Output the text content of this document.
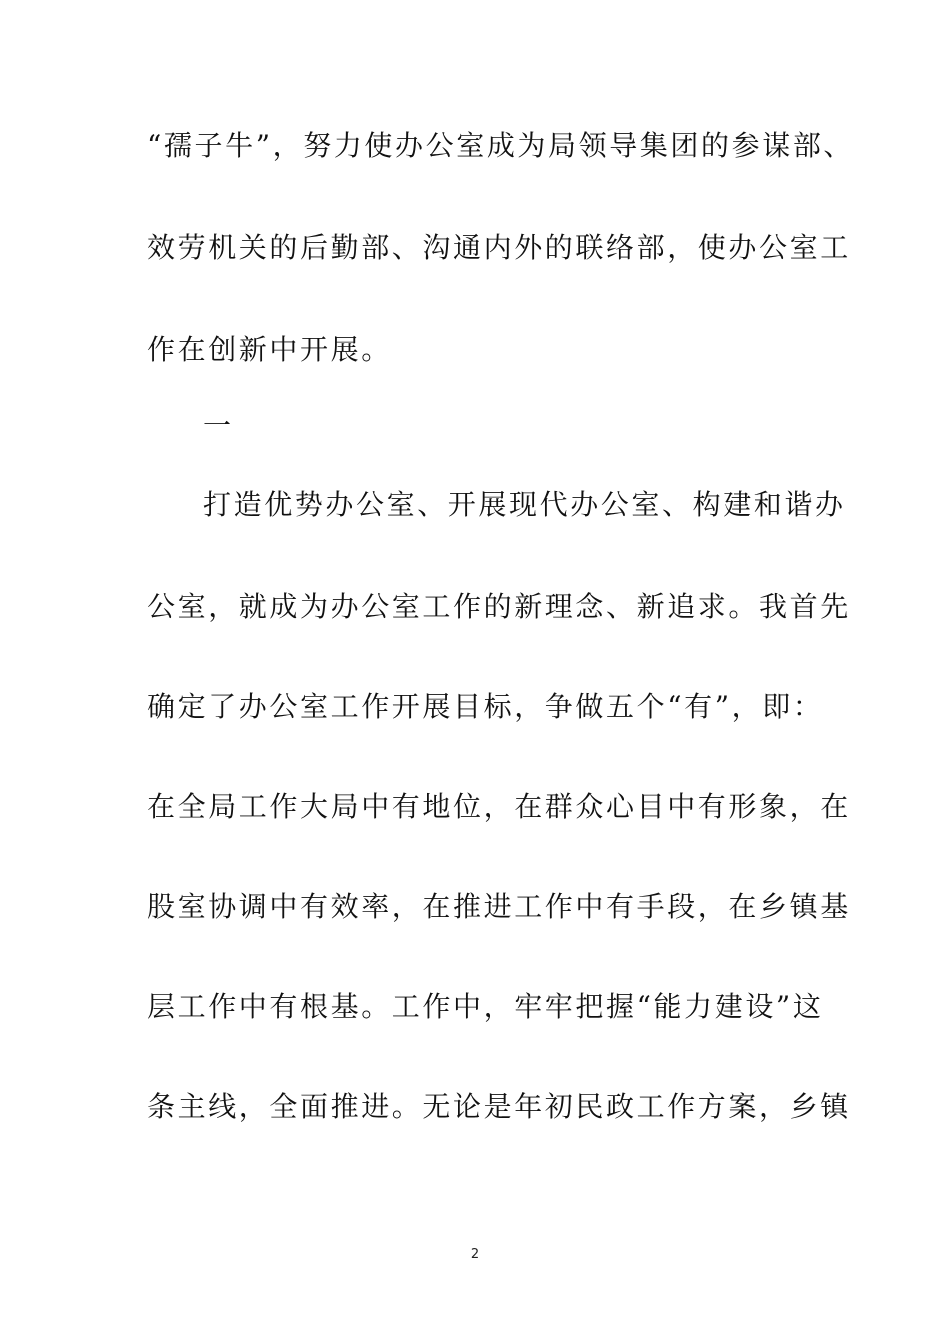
“孺子牛”，努力使办公室成为局领导集团的参谋部、
效劳机关的后勤部、沟通内外的联络部，使办公室工
作在创新中开展。
一
打造优势办公室、开展现代办公室、构建和谐办
公室，就成为办公室工作的新理念、新追求。我首先
确定了办公室工作开展目标，争做五个“有”，即：
在全局工作大局中有地位，在群众心目中有形象，在
股室协调中有效率，在推进工作中有手段，在乡镇基
层工作中有根基。工作中，牢牢把握“能力建设”这
条主线，全面推进。无论是年初民政工作方案，乡镇
2
